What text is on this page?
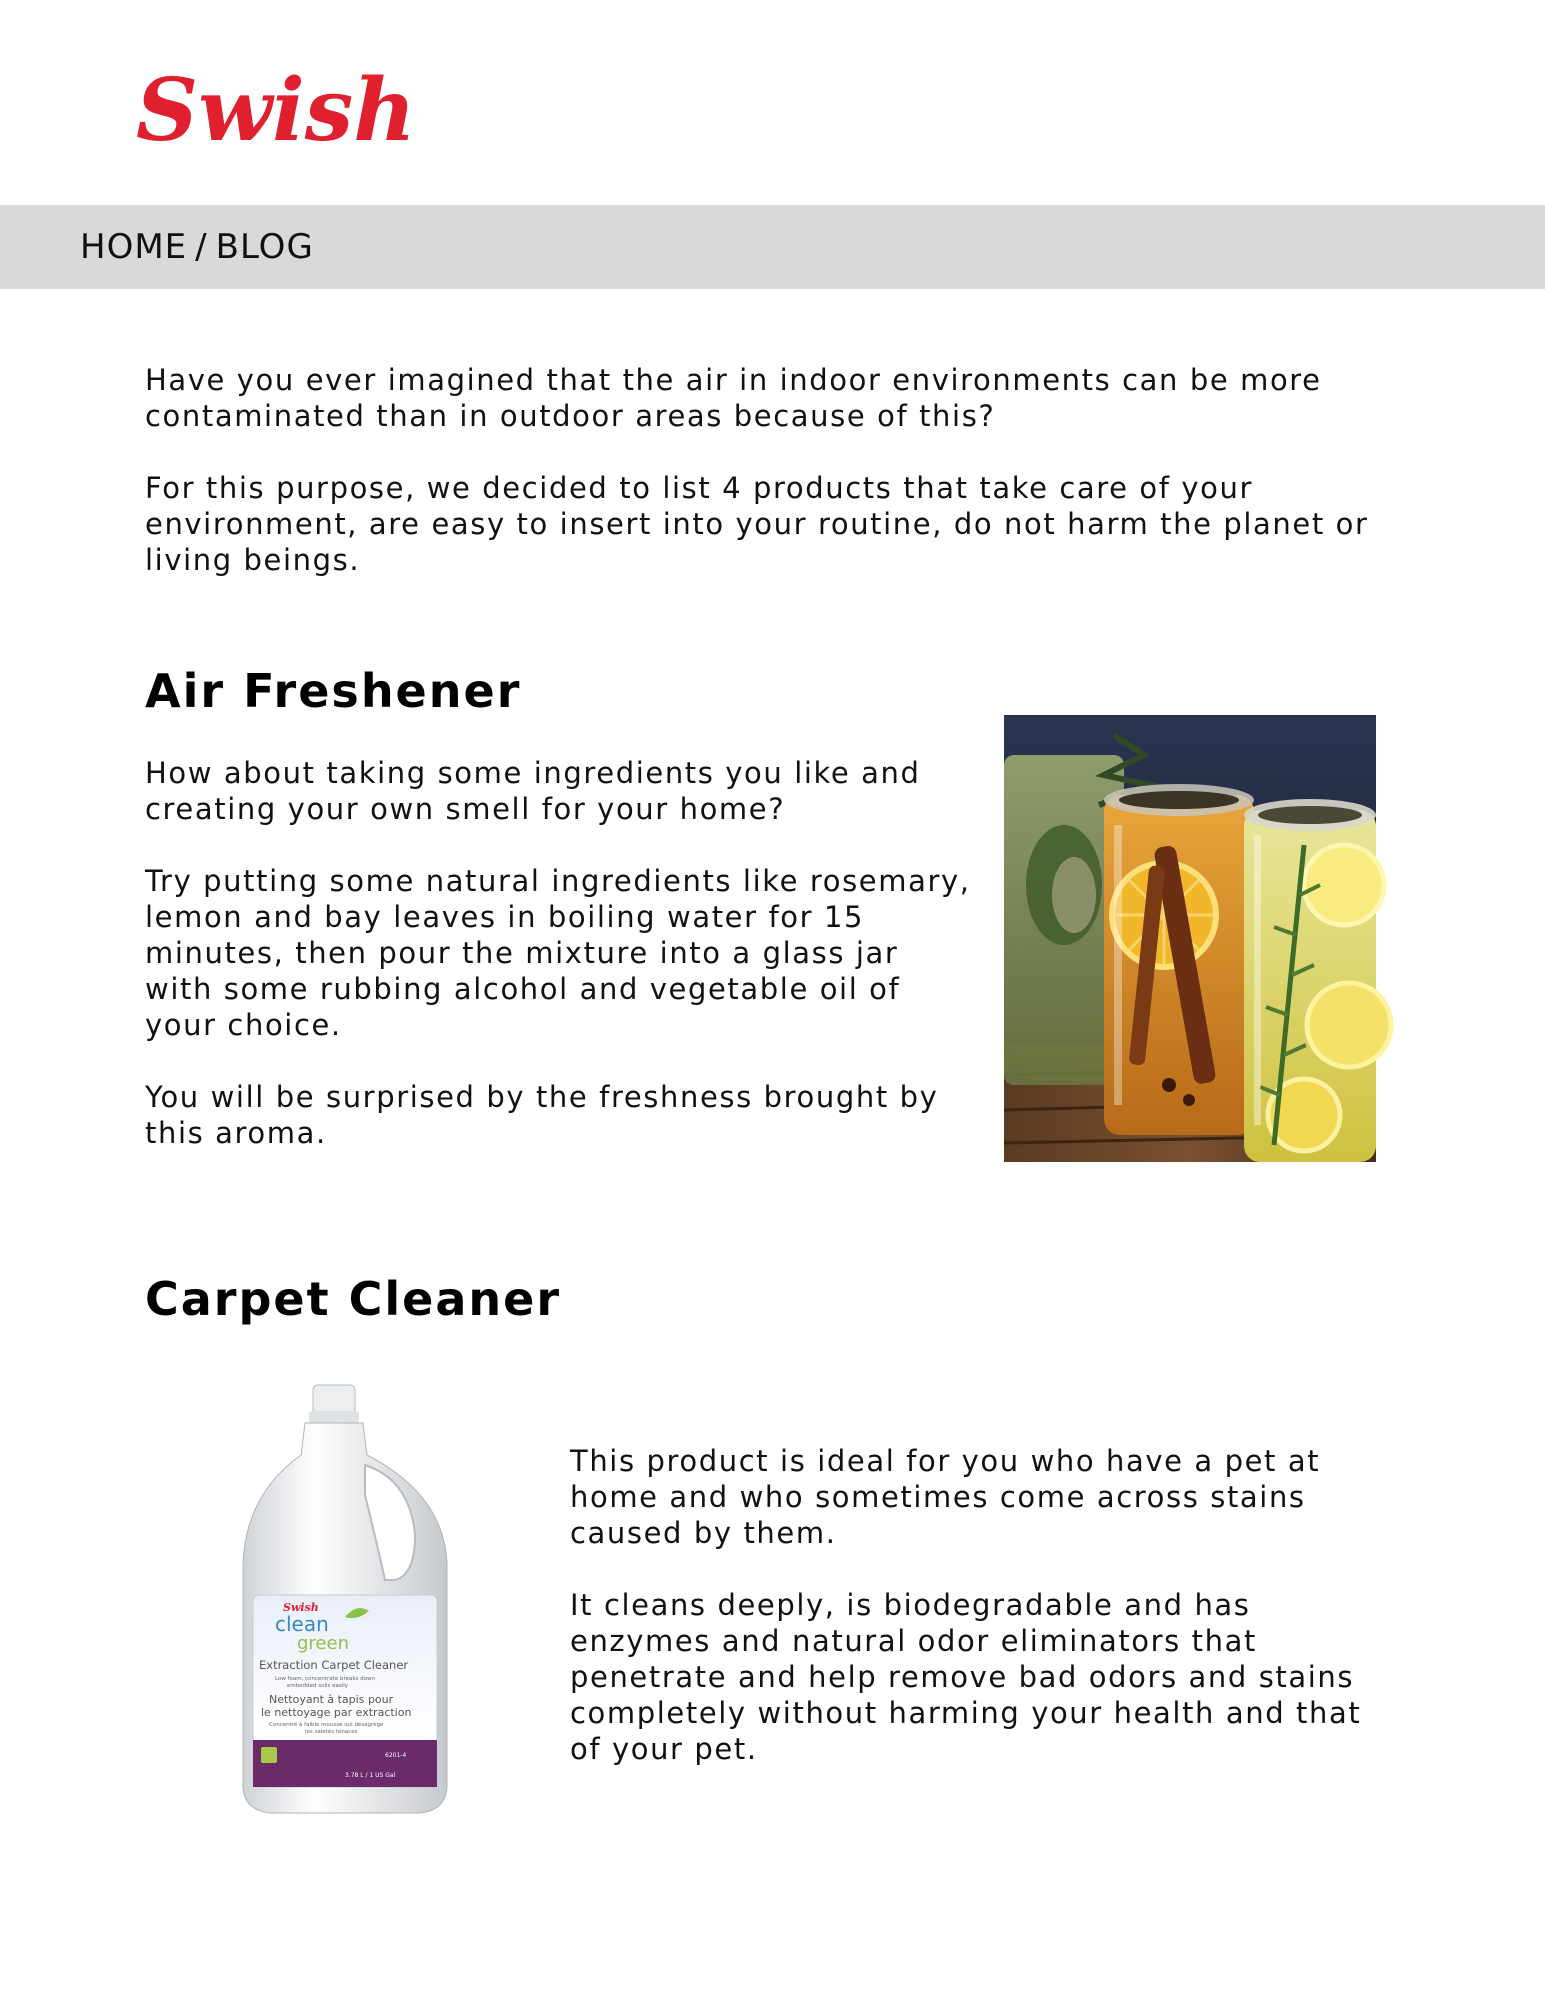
Swish
HOME / BLOG

Have you ever imagined that the air in indoor environments can be more contaminated than in outdoor areas because of this?

For this purpose, we decided to list 4 products that take care of your environment, are easy to insert into your routine, do not harm the planet or living beings.

Air Freshener

How about taking some ingredients you like and creating your own smell for your home?

Try putting some natural ingredients like rosemary, lemon and bay leaves in boiling water for 15 minutes, then pour the mixture into a glass jar with some rubbing alcohol and vegetable oil of your choice.

You will be surprised by the freshness brought by this aroma.

Carpet Cleaner
Swish
clean
green
Extraction Carpet Cleaner
Low foam, concentrate breaks down
embedded soils easily
Nettoyant à tapis pour
le nettoyage par extraction
Concentré à faible mousse qui désagrège
les saletés tenaces
6201-4
3.78 L / 1 US Gal

This product is ideal for you who have a pet at home and who sometimes come across stains caused by them.

It cleans deeply, is biodegradable and has enzymes and natural odor eliminators that penetrate and help remove bad odors and stains completely without harming your health and that of your pet.
